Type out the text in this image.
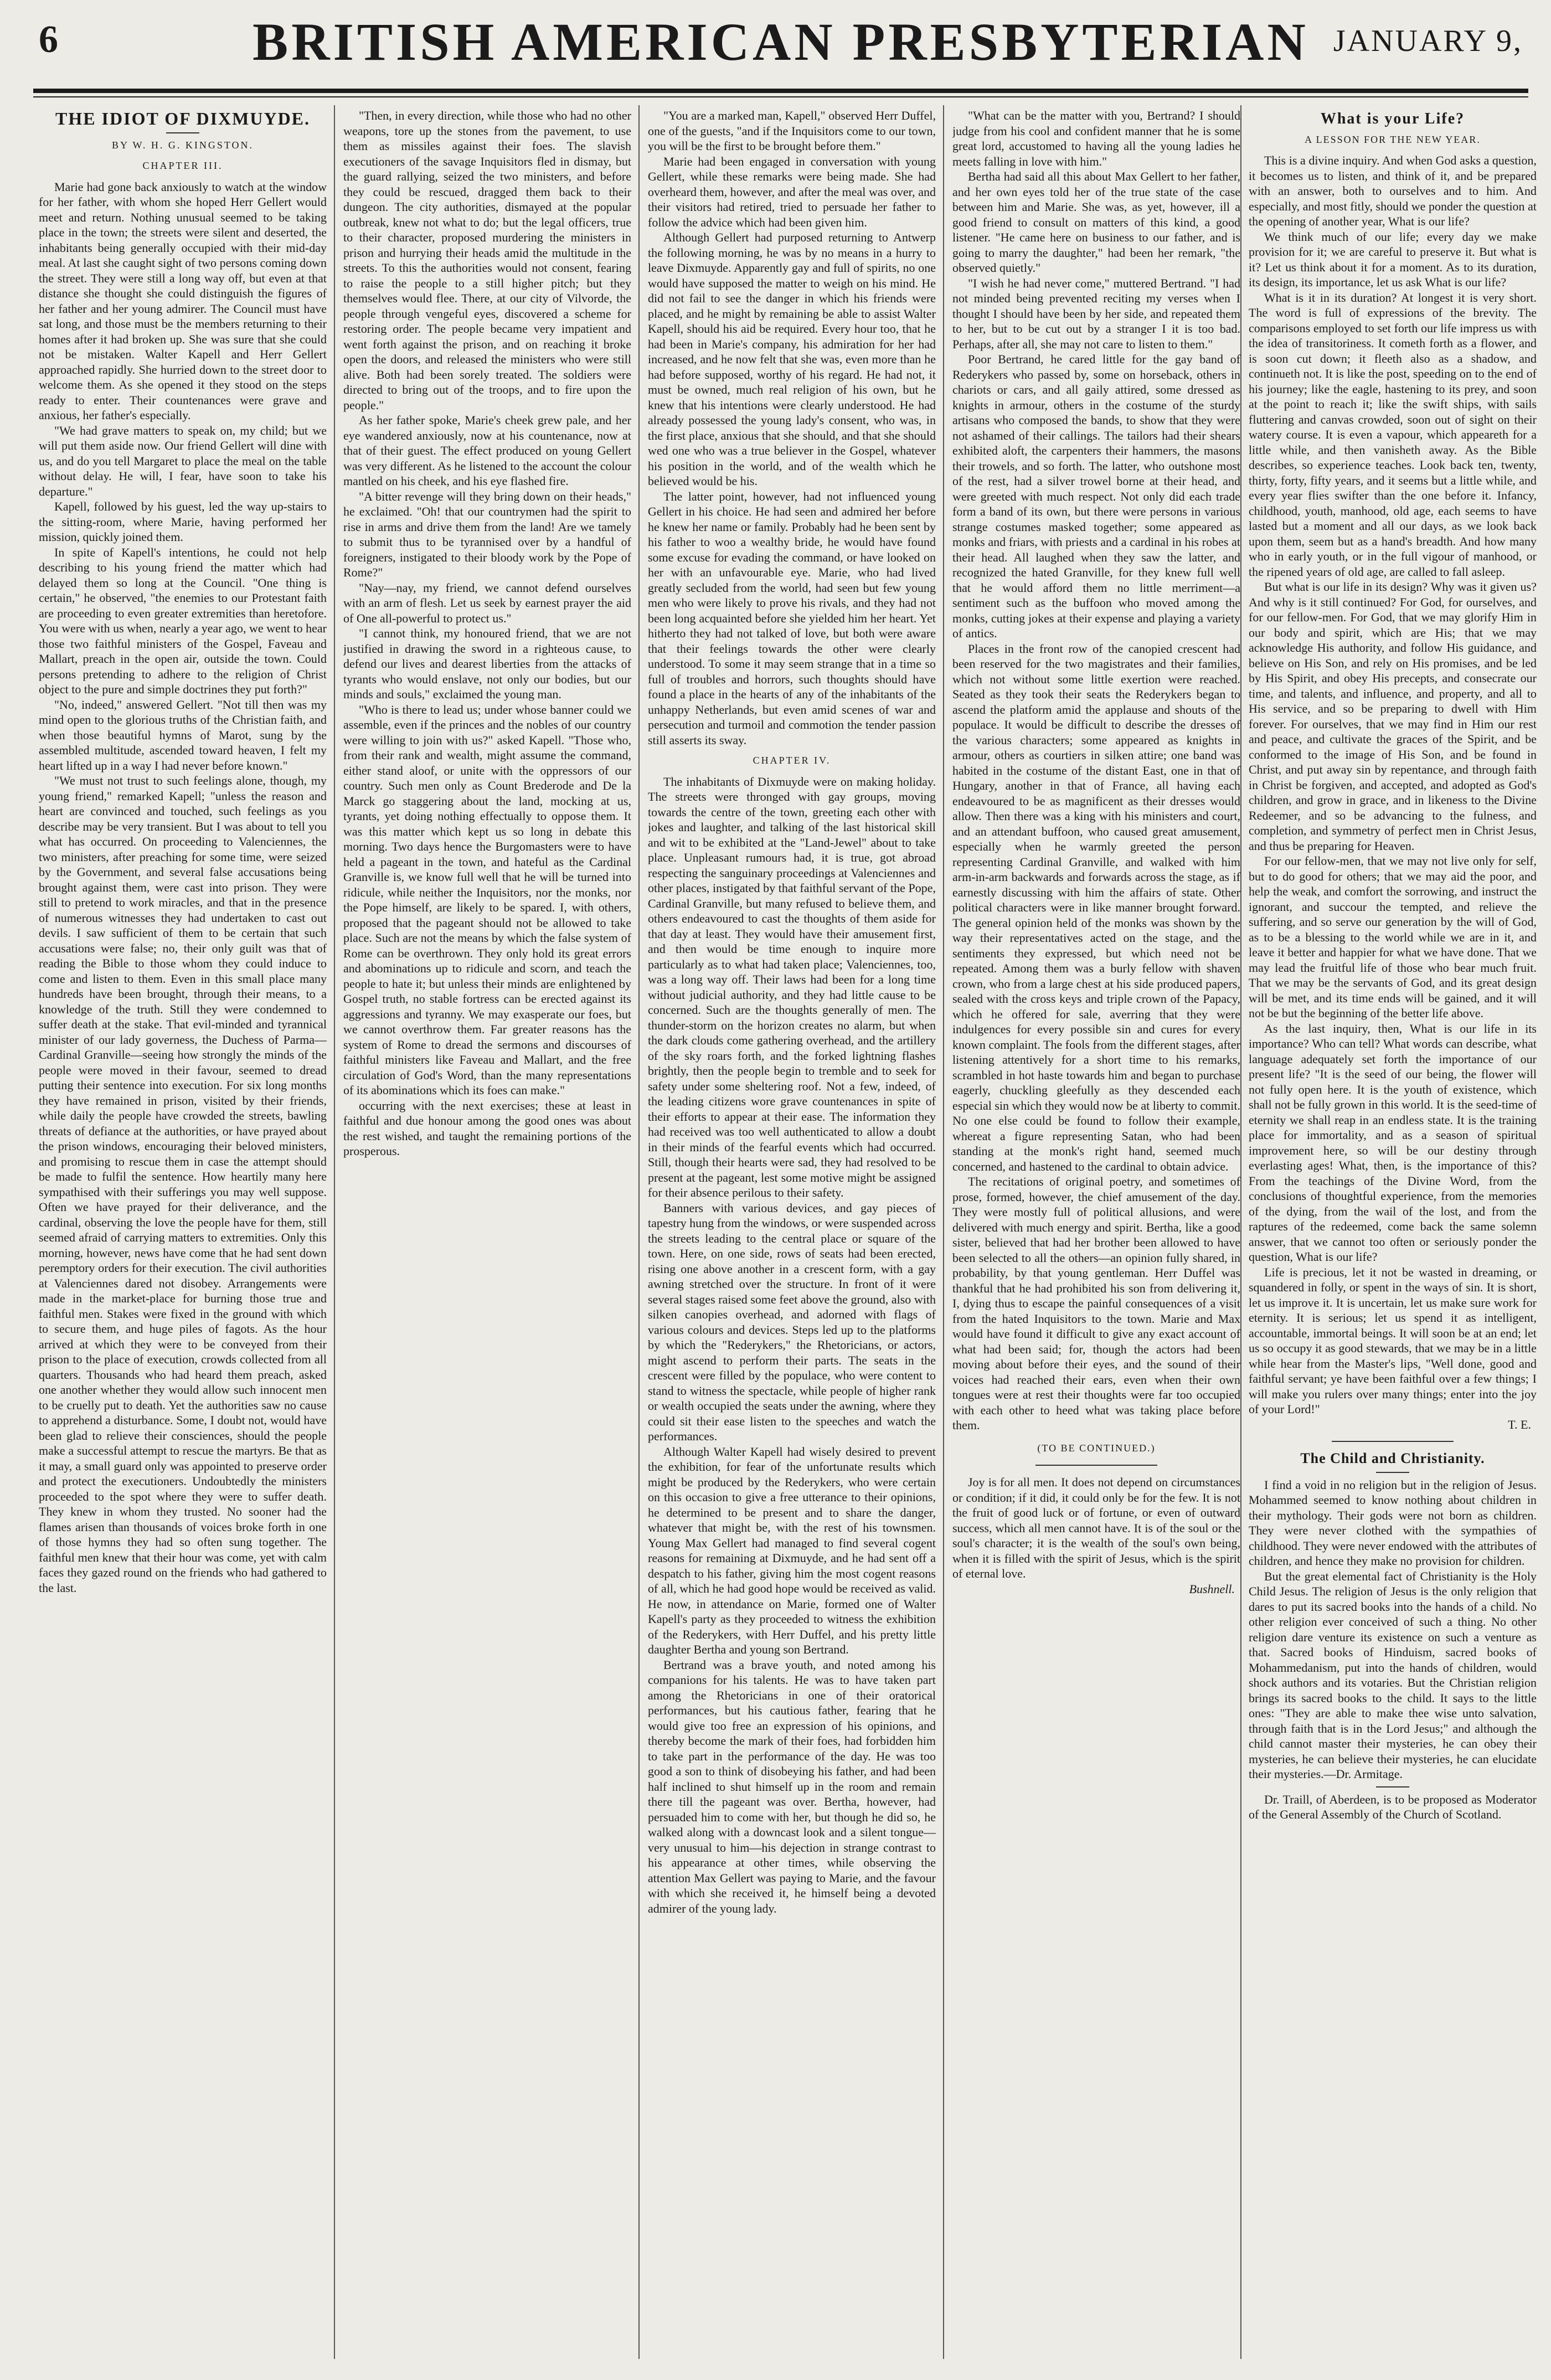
6	BRITISH AMERICAN PRESBYTERIAN JANUARY 9,
THE IDIOT OF DIXMUYDE.
BY W. H. G. KINGSTON.
CHAPTER III.

Marie had gone back anxiously to watch at the window for her father, with whom she hoped Herr Gellert would meet and return. Nothing unusual seemed to be taking place in the town; the streets were silent and deserted, the inhabitants being generally occupied with their mid-day meal. At last she caught sight of two persons coming down the street. They were still a long way off, but even at that distance she thought she could distinguish the figures of her father and her young admirer. The Council must have sat long, and those must be the members returning to their homes after it had broken up. She was sure that she could not be mistaken. Walter Kapell and Herr Gellert approached rapidly. She hurried down to the street door to welcome them. As she opened it they stood on the steps ready to enter. Their countenances were grave and anxious, her father's especially.

"We had grave matters to speak on, my child; but we will put them aside now. Our friend Gellert will dine with us, and do you tell Margaret to place the meal on the table without delay. He will, I fear, have soon to take his departure."

Kapell, followed by his guest, led the way up-stairs to the sitting-room, where Marie, having performed her mission, quickly joined them.

In spite of Kapell's intentions, he could not help describing to his young friend the matter which had delayed them so long at the Council. "One thing is certain," he observed, "the enemies to our Protestant faith are proceeding to even greater extremities than heretofore. You were with us when, nearly a year ago, we went to hear those two faithful ministers of the Gospel, Faveau and Mallart, preach in the open air, outside the town. Could persons pretending to adhere to the religion of Christ object to the pure and simple doctrines they put forth?"

"No, indeed," answered Gellert. "Not till then was my mind open to the glorious truths of the Christian faith, and when those beautiful hymns of Marot, sung by the assembled multitude, ascended toward heaven, I felt my heart lifted up in a way I had never before known."

"We must not trust to such feelings alone, though, my young friend," remarked Kapell; "unless the reason and heart are convinced and touched, such feelings as you describe may be very transient. But I was about to tell you what has occurred. On proceeding to Valenciennes, the two ministers, after preaching for some time, were seized by the Government, and several false accusations being brought against them, were cast into prison. They were still to pretend to work miracles, and that in the presence of numerous witnesses they had undertaken to cast out devils. I saw sufficient of them to be certain that such accusations were false; no, their only guilt was that of reading the Bible to those whom they could induce to come and listen to them. Even in this small place many hundreds have been brought, through their means, to a knowledge of the truth. Still they were condemned to suffer death at the stake. That evil-minded and tyrannical minister of our lady governess, the Duchess of Parma—Cardinal Granville—seeing how strongly the minds of the people were moved in their favour, seemed to dread putting their sentence into execution. For six long months they have remained in prison, visited by their friends, while daily the people have crowded the streets, bawling threats of defiance at the authorities, or have prayed about the prison windows, encouraging their beloved ministers, and promising to rescue them in case the attempt should be made to fulfil the sentence. How heartily many here sympathised with their sufferings you may well suppose. Often we have prayed for their deliverance, and the cardinal, observing the love the people have for them, still seemed afraid of carrying matters to extremities. Only this morning, however, news have come that he had sent down peremptory orders for their execution. The civil authorities at Valenciennes dared not disobey. Arrangements were made in the market-place for burning those true and faithful men. Stakes were fixed in the ground with which to secure them, and huge piles of fagots. As the hour arrived at which they were to be conveyed from their prison to the place of execution, crowds collected from all quarters. Thousands who had heard them preach, asked one another whether they would allow such innocent men to be cruelly put to death. Yet the authorities saw no cause to apprehend a disturbance. Some, I doubt not, would have been glad to relieve their consciences, should the people make a successful attempt to rescue the martyrs. Be that as it may, a small guard only was appointed to preserve order and protect the executioners. Undoubtedly the ministers proceeded to the spot where they were to suffer death. They knew in whom they trusted. No sooner had the flames arisen than thousands of voices broke forth in one of those hymns they had so often sung together. The faithful men knew that their hour was come, yet with calm faces they gazed round on the friends who had gathered to the last.

"Then, in every direction, while those who had no other weapons, tore up the stones from the pavement, to use them as missiles against their foes. The slavish executioners of the savage Inquisitors fled in dismay, but the guard rallying, seized the two ministers, and before they could be rescued, dragged them back to their dungeon. The city authorities, dismayed at the popular outbreak, knew not what to do; but the legal officers, true to their character, proposed murdering the ministers in prison and hurrying their heads amid the multitude in the streets. To this the authorities would not consent, fearing to raise the people to a still higher pitch; but they themselves would flee. There, at our city of Vilvorde, the people through vengeful eyes, discovered a scheme for restoring order. The people became very impatient and went forth against the prison, and on reaching it broke open the doors, and released the ministers who were still alive. Both had been sorely treated. The soldiers were directed to bring out of the troops, and to fire upon the people."

As her father spoke, Marie's cheek grew pale, and her eye wandered anxiously, now at his countenance, now at that of their guest. The effect produced on young Gellert was very different. As he listened to the account the colour mantled on his cheek, and his eye flashed fire.

"A bitter revenge will they bring down on their heads," he exclaimed. "Oh! that our countrymen had the spirit to rise in arms and drive them from the land! Are we tamely to submit thus to be tyrannised over by a handful of foreigners, instigated to their bloody work by the Pope of Rome?"

"Nay—nay, my friend, we cannot defend ourselves with an arm of flesh. Let us seek by earnest prayer the aid of One all-powerful to protect us."

"I cannot think, my honoured friend, that we are not justified in drawing the sword in a righteous cause, to defend our lives and dearest liberties from the attacks of tyrants who would enslave, not only our bodies, but our minds and souls," exclaimed the young man.

"Who is there to lead us; under whose banner could we assemble, even if the princes and the nobles of our country were willing to join with us?" asked Kapell. "Those who, from their rank and wealth, might assume the command, either stand aloof, or unite with the oppressors of our country. Such men only as Count Brederode and De la Marck go staggering about the land, mocking at us, tyrants, yet doing nothing effectually to oppose them. It was this matter which kept us so long in debate this morning. Two days hence the Burgomasters were to have held a pageant in the town, and hateful as the Cardinal Granville is, we know full well that he will be turned into ridicule, while neither the Inquisitors, nor the monks, nor the Pope himself, are likely to be spared. I, with others, proposed that the pageant should not be allowed to take place. Such are not the means by which the false system of Rome can be overthrown. They only hold its great errors and abominations up to ridicule and scorn, and teach the people to hate it; but unless their minds are enlightened by Gospel truth, no stable fortress can be erected against its aggressions and tyranny. We may exasperate our foes, but we cannot overthrow them. Far greater reasons has the system of Rome to dread the sermons and discourses of faithful ministers like Faveau and Mallart, and the free circulation of God's Word, than the many representations of its abominations which its foes can make."

occurring with the next exercises; these at least in faithful and due honour among the good ones was about the rest wished, and taught the remaining portions of the prosperous.

"You are a marked man, Kapell," observed Herr Duffel, one of the guests, "and if the Inquisitors come to our town, you will be the first to be brought before them."

Marie had been engaged in conversation with young Gellert, while these remarks were being made. She had overheard them, however, and after the meal was over, and their visitors had retired, tried to persuade her father to follow the advice which had been given him.

Although Gellert had purposed returning to Antwerp the following morning, he was by no means in a hurry to leave Dixmuyde. Apparently gay and full of spirits, no one would have supposed the matter to weigh on his mind. He did not fail to see the danger in which his friends were placed, and he might by remaining be able to assist Walter Kapell, should his aid be required. Every hour too, that he had been in Marie's company, his admiration for her had increased, and he now felt that she was, even more than he had before supposed, worthy of his regard. He had not, it must be owned, much real religion of his own, but he knew that his intentions were clearly understood. He had already possessed the young lady's consent, who was, in the first place, anxious that she should, and that she should wed one who was a true believer in the Gospel, whatever his position in the world, and of the wealth which he believed would be his.

The latter point, however, had not influenced young Gellert in his choice. He had seen and admired her before he knew her name or family. Probably had he been sent by his father to woo a wealthy bride, he would have found some excuse for evading the command, or have looked on her with an unfavourable eye. Marie, who had lived greatly secluded from the world, had seen but few young men who were likely to prove his rivals, and they had not been long acquainted before she yielded him her heart. Yet hitherto they had not talked of love, but both were aware that their feelings towards the other were clearly understood. To some it may seem strange that in a time so full of troubles and horrors, such thoughts should have found a place in the hearts of any of the inhabitants of the unhappy Netherlands, but even amid scenes of war and persecution and turmoil and commotion the tender passion still asserts its sway.

CHAPTER IV.

The inhabitants of Dixmuyde were on making holiday. The streets were thronged with gay groups, moving towards the centre of the town, greeting each other with jokes and laughter, and talking of the last historical skill and wit to be exhibited at the "Land-Jewel" about to take place. Unpleasant rumours had, it is true, got abroad respecting the sanguinary proceedings at Valenciennes and other places, instigated by that faithful servant of the Pope, Cardinal Granville, but many refused to believe them, and others endeavoured to cast the thoughts of them aside for that day at least. They would have their amusement first, and then would be time enough to inquire more particularly as to what had taken place; Valenciennes, too, was a long way off. Their laws had been for a long time without judicial authority, and they had little cause to be concerned. Such are the thoughts generally of men. The thunder-storm on the horizon creates no alarm, but when the dark clouds come gathering overhead, and the artillery of the sky roars forth, and the forked lightning flashes brightly, then the people begin to tremble and to seek for safety under some sheltering roof. Not a few, indeed, of the leading citizens wore grave countenances in spite of their efforts to appear at their ease. The information they had received was too well authenticated to allow a doubt in their minds of the fearful events which had occurred. Still, though their hearts were sad, they had resolved to be present at the pageant, lest some motive might be assigned for their absence perilous to their safety.

Banners with various devices, and gay pieces of tapestry hung from the windows, or were suspended across the streets leading to the central place or square of the town. Here, on one side, rows of seats had been erected, rising one above another in a crescent form, with a gay awning stretched over the structure. In front of it were several stages raised some feet above the ground, also with silken canopies overhead, and adorned with flags of various colours and devices. Steps led up to the platforms by which the "Rederykers," the Rhetoricians, or actors, might ascend to perform their parts. The seats in the crescent were filled by the populace, who were content to stand to witness the spectacle, while people of higher rank or wealth occupied the seats under the awning, where they could sit their ease listen to the speeches and watch the performances.

Although Walter Kapell had wisely desired to prevent the exhibition, for fear of the unfortunate results which might be produced by the Rederykers, who were certain on this occasion to give a free utterance to their opinions, he determined to be present and to share the danger, whatever that might be, with the rest of his townsmen. Young Max Gellert had managed to find several cogent reasons for remaining at Dixmuyde, and he had sent off a despatch to his father, giving him the most cogent reasons of all, which he had good hope would be received as valid. He now, in attendance on Marie, formed one of Walter Kapell's party as they proceeded to witness the exhibition of the Rederykers, with Herr Duffel, and his pretty little daughter Bertha and young son Bertrand.

Bertrand was a brave youth, and noted among his companions for his talents. He was to have taken part among the Rhetoricians in one of their oratorical performances, but his cautious father, fearing that he would give too free an expression of his opinions, and thereby become the mark of their foes, had forbidden him to take part in the performance of the day. He was too good a son to think of disobeying his father, and had been half inclined to shut himself up in the room and remain there till the pageant was over. Bertha, however, had persuaded him to come with her, but though he did so, he walked along with a downcast look and a silent tongue—very unusual to him—his dejection in strange contrast to his appearance at other times, while observing the attention Max Gellert was paying to Marie, and the favour with which she received it, he himself being a devoted admirer of the young lady.

"What can be the matter with you, Bertrand? I should judge from his cool and confident manner that he is some great lord, accustomed to having all the young ladies he meets falling in love with him."

Bertha had said all this about Max Gellert to her father, and her own eyes told her of the true state of the case between him and Marie. She was, as yet, however, ill a good friend to consult on matters of this kind, a good listener. "He came here on business to our father, and is going to marry the daughter," had been her remark, "the observed quietly."

"I wish he had never come," muttered Bertrand. "I had not minded being prevented reciting my verses when I thought I should have been by her side, and repeated them to her, but to be cut out by a stranger I it is too bad. Perhaps, after all, she may not care to listen to them."

Poor Bertrand, he cared little for the gay band of Rederykers who passed by, some on horseback, others in chariots or cars, and all gaily attired, some dressed as knights in armour, others in the costume of the sturdy artisans who composed the bands, to show that they were not ashamed of their callings. The tailors had their shears exhibited aloft, the carpenters their hammers, the masons their trowels, and so forth. The latter, who outshone most of the rest, had a silver trowel borne at their head, and were greeted with much respect. Not only did each trade form a band of its own, but there were persons in various strange costumes masked together; some appeared as monks and friars, with priests and a cardinal in his robes at their head. All laughed when they saw the latter, and recognized the hated Granville, for they knew full well that he would afford them no little merriment—a sentiment such as the buffoon who moved among the monks, cutting jokes at their expense and playing a variety of antics.

Places in the front row of the canopied crescent had been reserved for the two magistrates and their families, which not without some little exertion were reached. Seated as they took their seats the Rederykers began to ascend the platform amid the applause and shouts of the populace. It would be difficult to describe the dresses of the various characters; some appeared as knights in armour, others as courtiers in silken attire; one band was habited in the costume of the distant East, one in that of Hungary, another in that of France, all having each endeavoured to be as magnificent as their dresses would allow. Then there was a king with his ministers and court, and an attendant buffoon, who caused great amusement, especially when he warmly greeted the person representing Cardinal Granville, and walked with him arm-in-arm backwards and forwards across the stage, as if earnestly discussing with him the affairs of state. Other political characters were in like manner brought forward. The general opinion held of the monks was shown by the way their representatives acted on the stage, and the sentiments they expressed, but which need not be repeated. Among them was a burly fellow with shaven crown, who from a large chest at his side produced papers, sealed with the cross keys and triple crown of the Papacy, which he offered for sale, averring that they were indulgences for every possible sin and cures for every known complaint. The fools from the different stages, after listening attentively for a short time to his remarks, scrambled in hot haste towards him and began to purchase eagerly, chuckling gleefully as they descended each especial sin which they would now be at liberty to commit. No one else could be found to follow their example, whereat a figure representing Satan, who had been standing at the monk's right hand, seemed much concerned, and hastened to the cardinal to obtain advice.

The recitations of original poetry, and sometimes of prose, formed, however, the chief amusement of the day. They were mostly full of political allusions, and were delivered with much energy and spirit. Bertha, like a good sister, believed that had her brother been allowed to have been selected to all the others—an opinion fully shared, in probability, by that young gentleman. Herr Duffel was thankful that he had prohibited his son from delivering it, I, dying thus to escape the painful consequences of a visit from the hated Inquisitors to the town. Marie and Max would have found it difficult to give any exact account of what had been said; for, though the actors had been moving about before their eyes, and the sound of their voices had reached their ears, even when their own tongues were at rest their thoughts were far too occupied with each other to heed what was taking place before them.

(TO BE CONTINUED.)

Joy is for all men. It does not depend on circumstances or condition; if it did, it could only be for the few. It is not the fruit of good luck or of fortune, or even of outward success, which all men cannot have. It is of the soul or the soul's character; it is the wealth of the soul's own being, when it is filled with the spirit of Jesus, which is the spirit of eternal love.

Bushnell.
What is your Life?
A LESSON FOR THE NEW YEAR.

This is a divine inquiry. And when God asks a question, it becomes us to listen, and think of it, and be prepared with an answer, both to ourselves and to him. And especially, and most fitly, should we ponder the question at the opening of another year, What is our life?

We think much of our life; every day we make provision for it; we are careful to preserve it. But what is it? Let us think about it for a moment. As to its duration, its design, its importance, let us ask What is our life?

What is it in its duration? At longest it is very short. The word is full of expressions of the brevity. The comparisons employed to set forth our life impress us with the idea of transitoriness. It cometh forth as a flower, and is soon cut down; it fleeth also as a shadow, and continueth not. It is like the post, speeding on to the end of his journey; like the eagle, hastening to its prey, and soon at the point to reach it; like the swift ships, with sails fluttering and canvas crowded, soon out of sight on their watery course. It is even a vapour, which appeareth for a little while, and then vanisheth away. As the Bible describes, so experience teaches. Look back ten, twenty, thirty, forty, fifty years, and it seems but a little while, and every year flies swifter than the one before it. Infancy, childhood, youth, manhood, old age, each seems to have lasted but a moment and all our days, as we look back upon them, seem but as a hand's breadth. And how many who in early youth, or in the full vigour of manhood, or the ripened years of old age, are called to fall asleep.

But what is our life in its design? Why was it given us? And why is it still continued? For God, for ourselves, and for our fellow-men. For God, that we may glorify Him in our body and spirit, which are His; that we may acknowledge His authority, and follow His guidance, and believe on His Son, and rely on His promises, and be led by His Spirit, and obey His precepts, and consecrate our time, and talents, and influence, and property, and all to His service, and so be preparing to dwell with Him forever. For ourselves, that we may find in Him our rest and peace, and cultivate the graces of the Spirit, and be conformed to the image of His Son, and be found in Christ, and put away sin by repentance, and through faith in Christ be forgiven, and accepted, and adopted as God's children, and grow in grace, and in likeness to the Divine Redeemer, and so be advancing to the fulness, and completion, and symmetry of perfect men in Christ Jesus, and thus be preparing for Heaven.

For our fellow-men, that we may not live only for self, but to do good for others; that we may aid the poor, and help the weak, and comfort the sorrowing, and instruct the ignorant, and succour the tempted, and relieve the suffering, and so serve our generation by the will of God, as to be a blessing to the world while we are in it, and leave it better and happier for what we have done. That we may lead the fruitful life of those who bear much fruit. That we may be the servants of God, and its great design will be met, and its time ends will be gained, and it will not be but the beginning of the better life above.

As the last inquiry, then, What is our life in its importance? Who can tell? What words can describe, what language adequately set forth the importance of our present life? "It is the seed of our being, the flower will not fully open here. It is the youth of existence, which shall not be fully grown in this world. It is the seed-time of eternity we shall reap in an endless state. It is the training place for immortality, and as a season of spiritual improvement here, so will be our destiny through everlasting ages! What, then, is the importance of this? From the teachings of the Divine Word, from the conclusions of thoughtful experience, from the memories of the dying, from the wail of the lost, and from the raptures of the redeemed, come back the same solemn answer, that we cannot too often or seriously ponder the question, What is our life?

Life is precious, let it not be wasted in dreaming, or squandered in folly, or spent in the ways of sin. It is short, let us improve it. It is uncertain, let us make sure work for eternity. It is serious; let us spend it as intelligent, accountable, immortal beings. It will soon be at an end; let us so occupy it as good stewards, that we may be in a little while hear from the Master's lips, "Well done, good and faithful servant; ye have been faithful over a few things; I will make you rulers over many things; enter into the joy of your Lord!"

T. E.
The Child and Christianity.

I find a void in no religion but in the religion of Jesus. Mohammed seemed to know nothing about children in their mythology. Their gods were not born as children. They were never clothed with the sympathies of childhood. They were never endowed with the attributes of children, and hence they make no provision for children.

But the great elemental fact of Christianity is the Holy Child Jesus. The religion of Jesus is the only religion that dares to put its sacred books into the hands of a child. No other religion ever conceived of such a thing. No other religion dare venture its existence on such a venture as that. Sacred books of Hinduism, sacred books of Mohammedanism, put into the hands of children, would shock authors and its votaries. But the Christian religion brings its sacred books to the child. It says to the little ones: "They are able to make thee wise unto salvation, through faith that is in the Lord Jesus;" and although the child cannot master their mysteries, he can obey their mysteries, he can believe their mysteries, he can elucidate their mysteries.—Dr. Armitage.

Dr. Traill, of Aberdeen, is to be proposed as Moderator of the General Assembly of the Church of Scotland.
